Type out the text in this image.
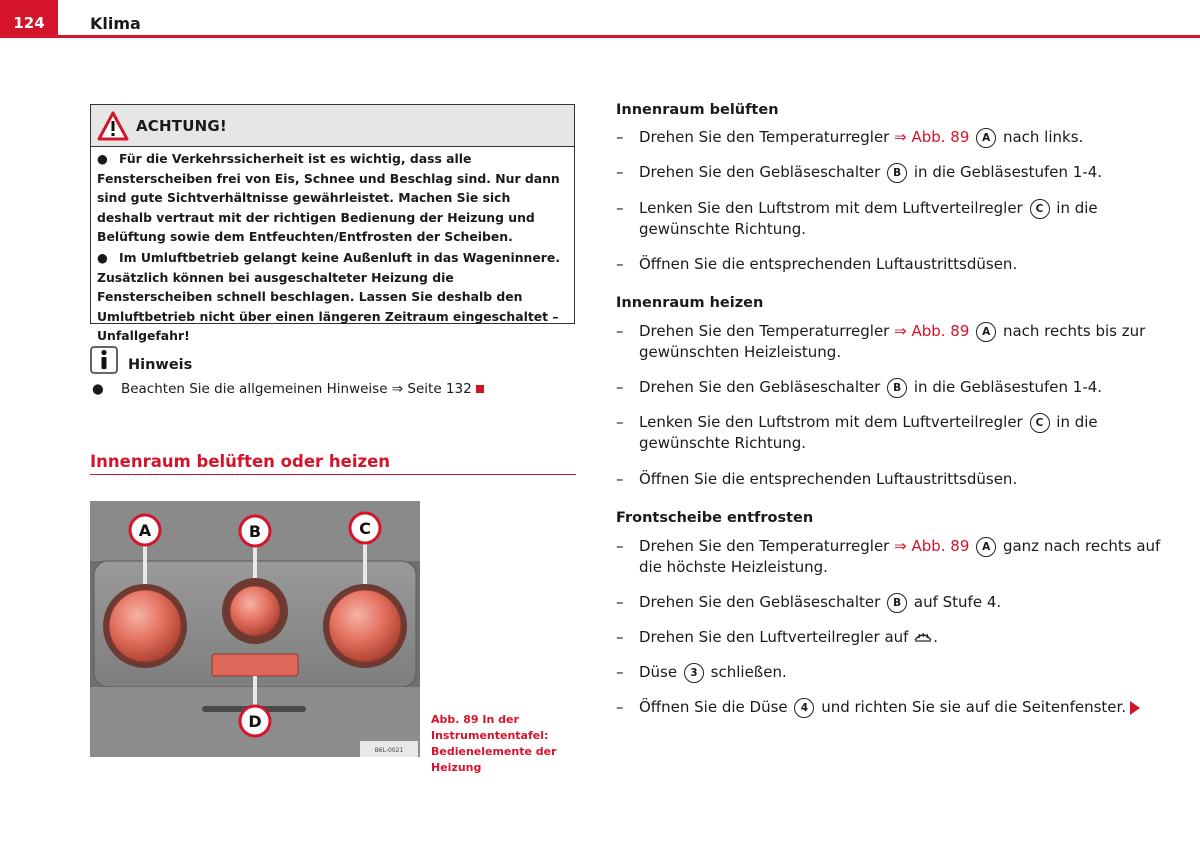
124	Klima
ACHTUNG!

● Für die Verkehrssicherheit ist es wichtig, dass alle Fensterscheiben frei von Eis, Schnee und Beschlag sind. Nur dann sind gute Sichtverhältnisse gewährleistet. Machen Sie sich deshalb vertraut mit der richtigen Bedienung der Heizung und Belüftung sowie dem Entfeuchten/Entfrosten der Scheiben.

● Im Umluftbetrieb gelangt keine Außenluft in das Wageninnere. Zusätzlich können bei ausgeschalteter Heizung die Fensterscheiben schnell beschlagen. Lassen Sie deshalb den Umluftbetrieb nicht über einen längeren Zeitraum eingeschaltet – Unfallgefahr!

Hinweis
●    Beachten Sie die allgemeinen Hinweise ⇒ Seite 132
Innenraum belüften oder heizen
B6L-0021
A	B	C
D	Abb. 89 In der Instrumententafel: Bedienelemente der Heizung
Innenraum belüften
– Drehen Sie den Temperaturregler ⇒ Abb. 89 A nach links.
– Drehen Sie den Gebläseschalter B in die Gebläsestufen 1-4.
– Lenken Sie den Luftstrom mit dem Luftverteilregler C in die gewünschte Richtung.
– Öffnen Sie die entsprechenden Luftaustrittsdüsen.
Innenraum heizen
– Drehen Sie den Temperaturregler ⇒ Abb. 89 A nach rechts bis zur gewünschten Heizleistung.
– Drehen Sie den Gebläseschalter B in die Gebläsestufen 1-4.
– Lenken Sie den Luftstrom mit dem Luftverteilregler C in die gewünschte Richtung.
– Öffnen Sie die entsprechenden Luftaustrittsdüsen.
Frontscheibe entfrosten
– Drehen Sie den Temperaturregler ⇒ Abb. 89 A ganz nach rechts auf die höchste Heizleistung.
– Drehen Sie den Gebläseschalter B auf Stufe 4.
– Drehen Sie den Luftverteilregler auf .
– Düse 3 schließen.
– Öffnen Sie die Düse 4 und richten Sie sie auf die Seitenfenster.
